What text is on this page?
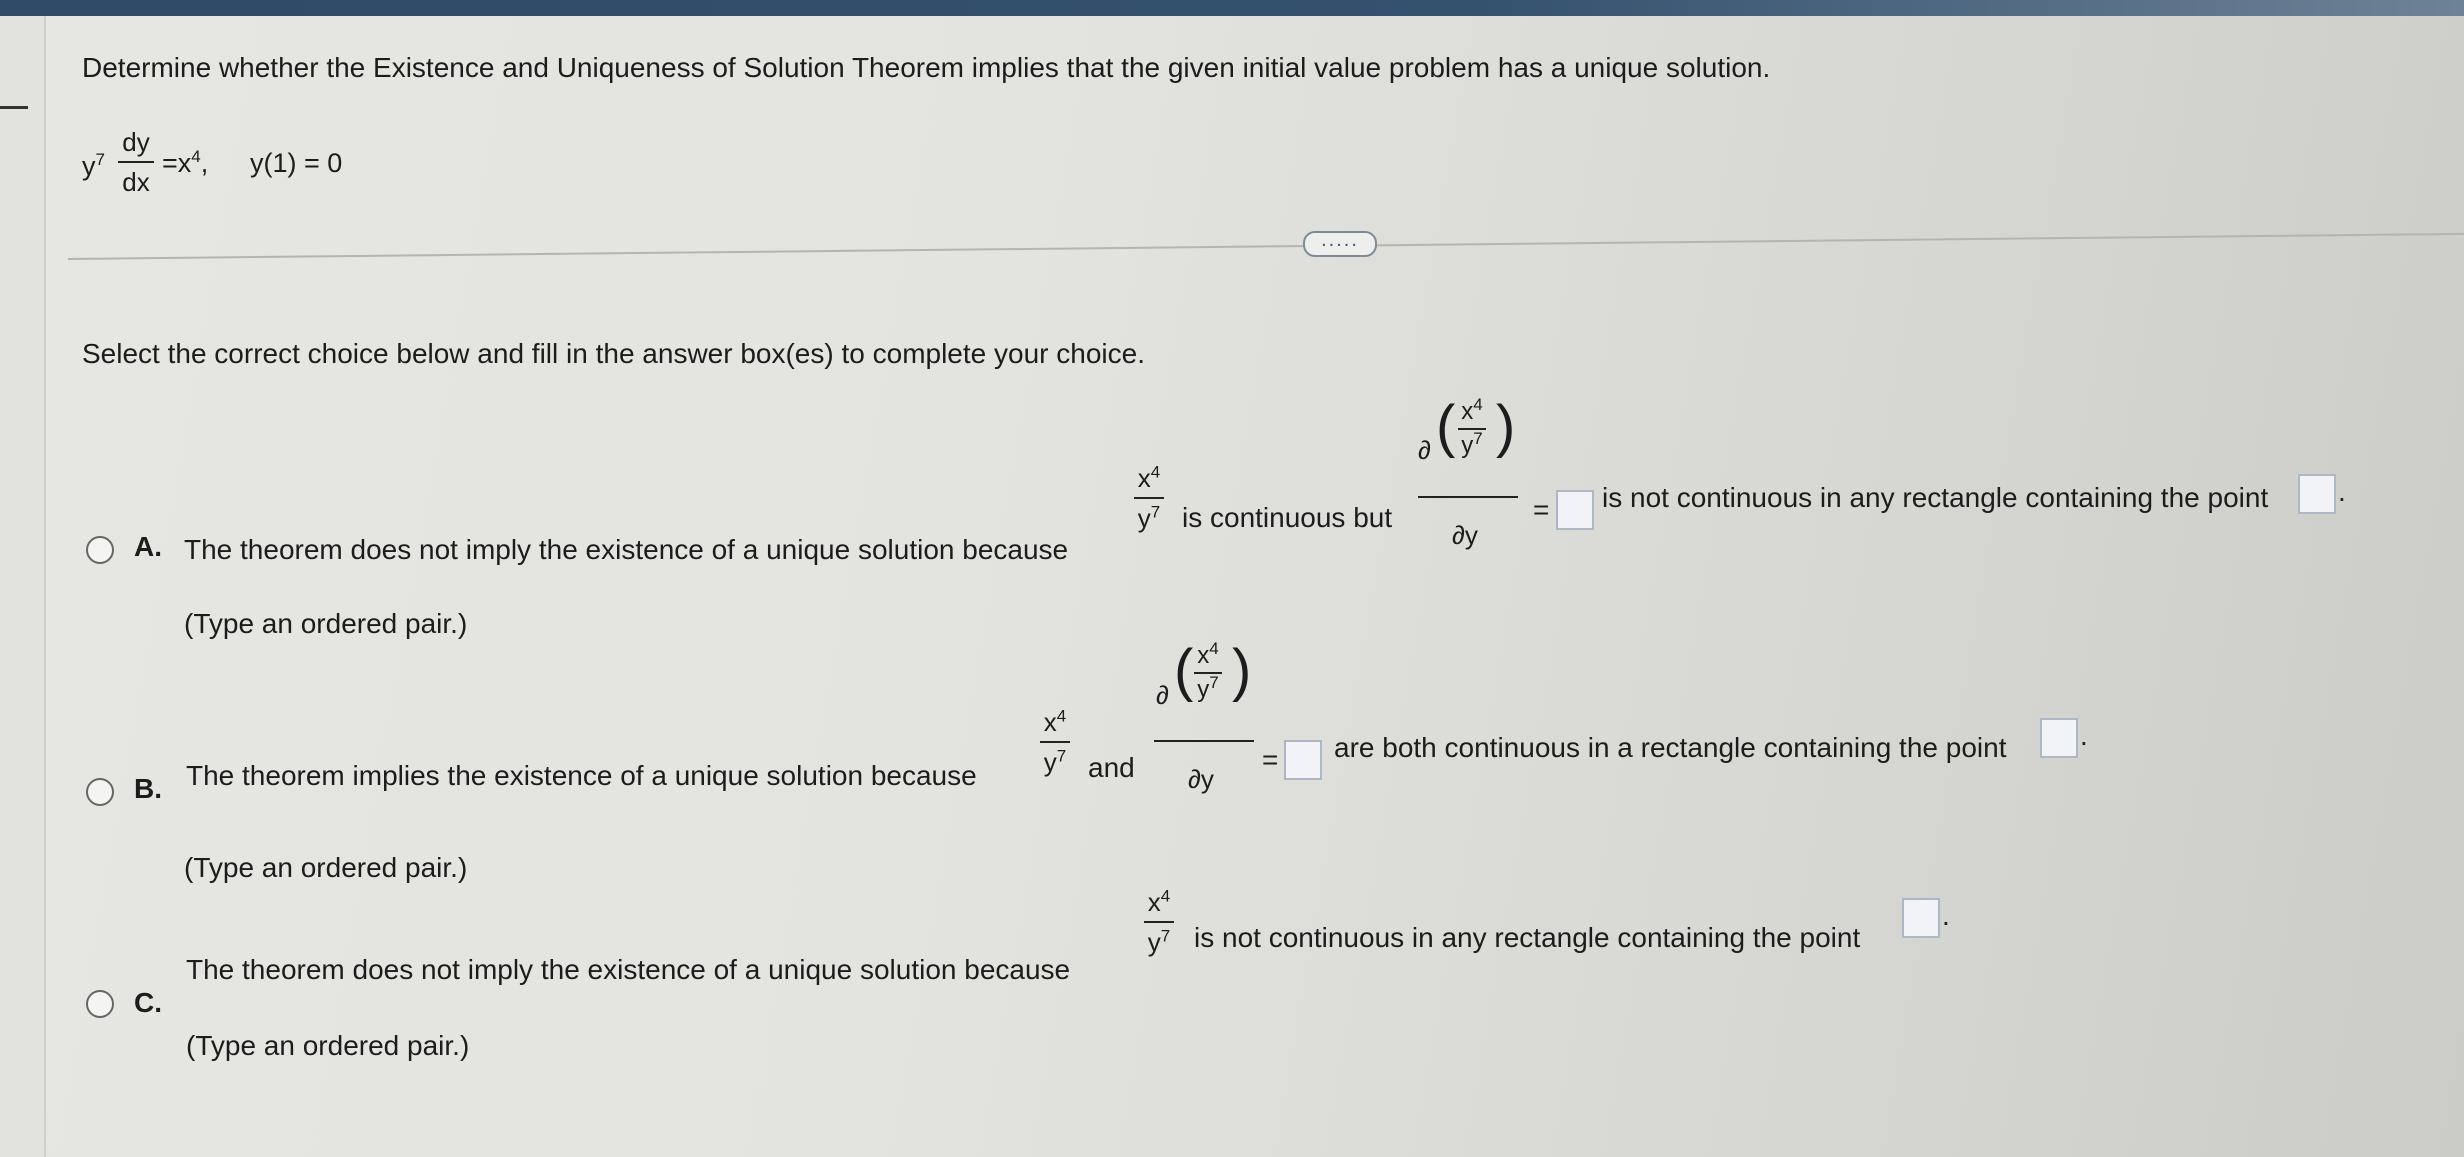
Determine whether the Existence and Uniqueness of Solution Theorem implies that the given initial value problem has a unique solution.
$y^7$
dy
dx
$=x^4$, y(1) = 0
.....
Select the correct choice below and fill in the answer box(es) to complete your choice.
A. The theorem does not imply the existence of a unique solution because
$x^4$
$y^7$ is continuous but
∂ ( $x^4$
$y^7$ )
∂y
= is not continuous in any rectangle containing the point .
(Type an ordered pair.)
B. The theorem implies the existence of a unique solution because
$x^4$
$y^7$ and
∂ ( $x^4$
$y^7$ )
∂y
= are both continuous in a rectangle containing the point	.
(Type an ordered pair.)
C.
The theorem does not imply the existence of a unique solution because
$x^4$
$y^7$ is not continuous in any rectangle containing the point
.
(Type an ordered pair.)
